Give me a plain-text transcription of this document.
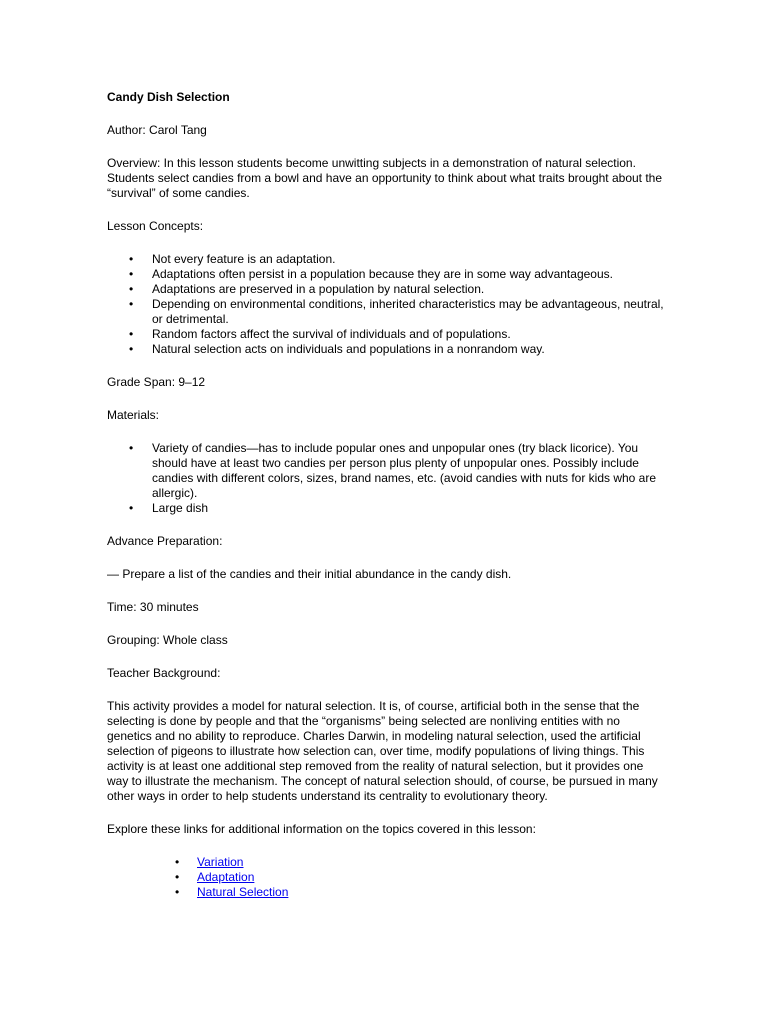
Candy Dish Selection

Author: Carol Tang

Overview: In this lesson students become unwitting subjects in a demonstration of natural selection. Students select candies from a bowl and have an opportunity to think about what traits brought about the “survival” of some candies.

Lesson Concepts:

• Not every feature is an adaptation.
• Adaptations often persist in a population because they are in some way advantageous.
• Adaptations are preserved in a population by natural selection.
• Depending on environmental conditions, inherited characteristics may be advantageous, neutral, or detrimental.
• Random factors affect the survival of individuals and of populations.
• Natural selection acts on individuals and populations in a nonrandom way.

Grade Span: 9–12

Materials:

• Variety of candies—has to include popular ones and unpopular ones (try black licorice). You should have at least two candies per person plus plenty of unpopular ones. Possibly include candies with different colors, sizes, brand names, etc. (avoid candies with nuts for kids who are allergic).
• Large dish

Advance Preparation:

— Prepare a list of the candies and their initial abundance in the candy dish.

Time: 30 minutes

Grouping: Whole class

Teacher Background:

This activity provides a model for natural selection. It is, of course, artificial both in the sense that the selecting is done by people and that the “organisms” being selected are nonliving entities with no genetics and no ability to reproduce. Charles Darwin, in modeling natural selection, used the artificial selection of pigeons to illustrate how selection can, over time, modify populations of living things. This activity is at least one additional step removed from the reality of natural selection, but it provides one way to illustrate the mechanism. The concept of natural selection should, of course, be pursued in many other ways in order to help students understand its centrality to evolutionary theory.

Explore these links for additional information on the topics covered in this lesson:

• Variation
• Adaptation
• Natural Selection
